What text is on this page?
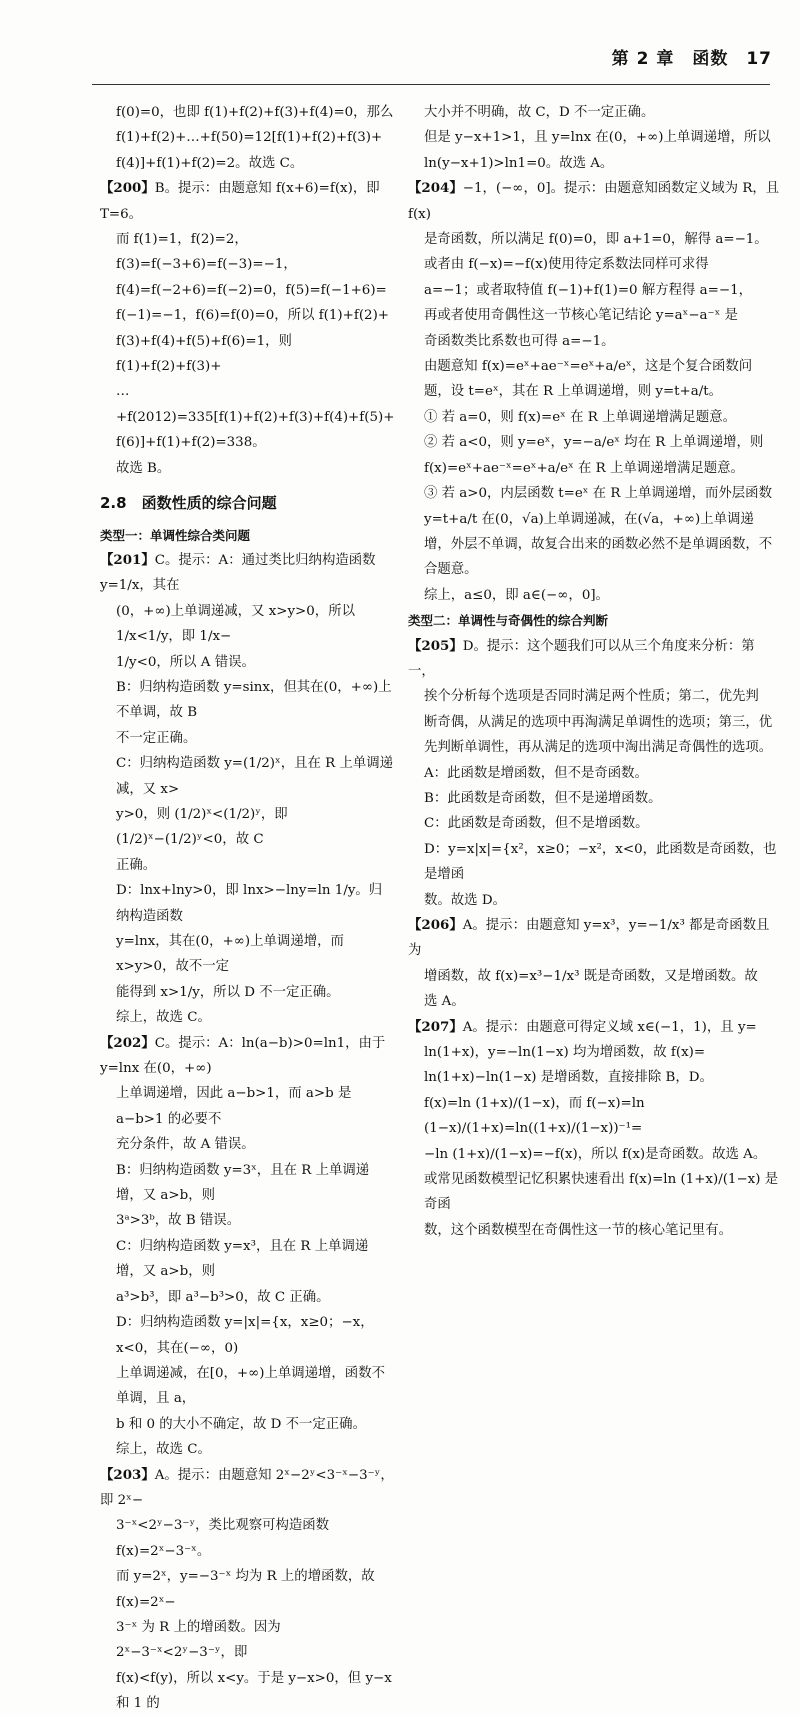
第 2 章　函数　17

f(0)=0，也即 f(1)+f(2)+f(3)+f(4)=0，那么

f(1)+f(2)+…+f(50)=12[f(1)+f(2)+f(3)+

f(4)]+f(1)+f(2)=2。故选 C。

【200】B。提示：由题意知 f(x+6)=f(x)，即 T=6。

而 f(1)=1，f(2)=2，f(3)=f(−3+6)=f(−3)=−1，

f(4)=f(−2+6)=f(−2)=0，f(5)=f(−1+6)=

f(−1)=−1，f(6)=f(0)=0，所以 f(1)+f(2)+

f(3)+f(4)+f(5)+f(6)=1，则 f(1)+f(2)+f(3)+

…+f(2012)=335[f(1)+f(2)+f(3)+f(4)+f(5)+

f(6)]+f(1)+f(2)=338。

故选 B。

2.8　函数性质的综合问题

类型一：单调性综合类问题

【201】C。提示：A：通过类比归纳构造函数 y=1/x，其在

(0，+∞)上单调递减，又 x>y>0，所以 1/x<1/y，即 1/x−

1/y<0，所以 A 错误。

B：归纳构造函数 y=sinx，但其在(0，+∞)上不单调，故 B

不一定正确。

C：归纳构造函数 y=(1/2)ˣ，且在 R 上单调递减，又 x>

y>0，则 (1/2)ˣ<(1/2)ʸ，即 (1/2)ˣ−(1/2)ʸ<0，故 C

正确。

D：lnx+lny>0，即 lnx>−lny=ln 1/y。归纳构造函数

y=lnx，其在(0，+∞)上单调递增，而 x>y>0，故不一定

能得到 x>1/y，所以 D 不一定正确。

综上，故选 C。

【202】C。提示：A：ln(a−b)>0=ln1，由于 y=lnx 在(0，+∞)

上单调递增，因此 a−b>1，而 a>b 是 a−b>1 的必要不

充分条件，故 A 错误。

B：归纳构造函数 y=3ˣ，且在 R 上单调递增，又 a>b，则

3ᵃ>3ᵇ，故 B 错误。

C：归纳构造函数 y=x³，且在 R 上单调递增，又 a>b，则

a³>b³，即 a³−b³>0，故 C 正确。

D：归纳构造函数 y=|x|={x，x≥0；−x，x<0，其在(−∞，0)

上单调递减，在[0，+∞)上单调递增，函数不单调，且 a，

b 和 0 的大小不确定，故 D 不一定正确。

综上，故选 C。

【203】A。提示：由题意知 2ˣ−2ʸ<3⁻ˣ−3⁻ʸ，即 2ˣ−

3⁻ˣ<2ʸ−3⁻ʸ，类比观察可构造函数 f(x)=2ˣ−3⁻ˣ。

而 y=2ˣ，y=−3⁻ˣ 均为 R 上的增函数，故 f(x)=2ˣ−

3⁻ˣ 为 R 上的增函数。因为 2ˣ−3⁻ˣ<2ʸ−3⁻ʸ，即

f(x)<f(y)，所以 x<y。于是 y−x>0，但 y−x 和 1 的

大小并不明确，故 C，D 不一定正确。

但是 y−x+1>1，且 y=lnx 在(0，+∞)上单调递增，所以

ln(y−x+1)>ln1=0。故选 A。

【204】−1，(−∞，0]。提示：由题意知函数定义域为 R，且 f(x)

是奇函数，所以满足 f(0)=0，即 a+1=0，解得 a=−1。

或者由 f(−x)=−f(x)使用待定系数法同样可求得

a=−1；或者取特值 f(−1)+f(1)=0 解方程得 a=−1，

再或者使用奇偶性这一节核心笔记结论 y=aˣ−a⁻ˣ 是

奇函数类比系数也可得 a=−1。

由题意知 f(x)=eˣ+ae⁻ˣ=eˣ+a/eˣ，这是个复合函数问

题，设 t=eˣ，其在 R 上单调递增，则 y=t+a/t。

① 若 a=0，则 f(x)=eˣ 在 R 上单调递增满足题意。

② 若 a<0，则 y=eˣ，y=−a/eˣ 均在 R 上单调递增，则

f(x)=eˣ+ae⁻ˣ=eˣ+a/eˣ 在 R 上单调递增满足题意。

③ 若 a>0，内层函数 t=eˣ 在 R 上单调递增，而外层函数

y=t+a/t 在(0，√a)上单调递减，在(√a，+∞)上单调递

增，外层不单调，故复合出来的函数必然不是单调函数，不

合题意。

综上，a≤0，即 a∈(−∞，0]。

类型二：单调性与奇偶性的综合判断

【205】D。提示：这个题我们可以从三个角度来分析：第一，

挨个分析每个选项是否同时满足两个性质；第二，优先判

断奇偶，从满足的选项中再淘满足单调性的选项；第三，优

先判断单调性，再从满足的选项中淘出满足奇偶性的选项。

A：此函数是增函数，但不是奇函数。

B：此函数是奇函数，但不是递增函数。

C：此函数是奇函数，但不是增函数。

D：y=x|x|={x²，x≥0；−x²，x<0，此函数是奇函数，也是增函

数。故选 D。

【206】A。提示：由题意知 y=x³，y=−1/x³ 都是奇函数且为

增函数，故 f(x)=x³−1/x³ 既是奇函数，又是增函数。故

选 A。

【207】A。提示：由题意可得定义域 x∈(−1，1)，且 y=

ln(1+x)，y=−ln(1−x) 均为增函数，故 f(x)=

ln(1+x)−ln(1−x) 是增函数，直接排除 B，D。

f(x)=ln (1+x)/(1−x)，而 f(−x)=ln (1−x)/(1+x)=ln((1+x)/(1−x))⁻¹=

−ln (1+x)/(1−x)=−f(x)，所以 f(x)是奇函数。故选 A。

或常见函数模型记忆积累快速看出 f(x)=ln (1+x)/(1−x) 是奇函

数，这个函数模型在奇偶性这一节的核心笔记里有。
